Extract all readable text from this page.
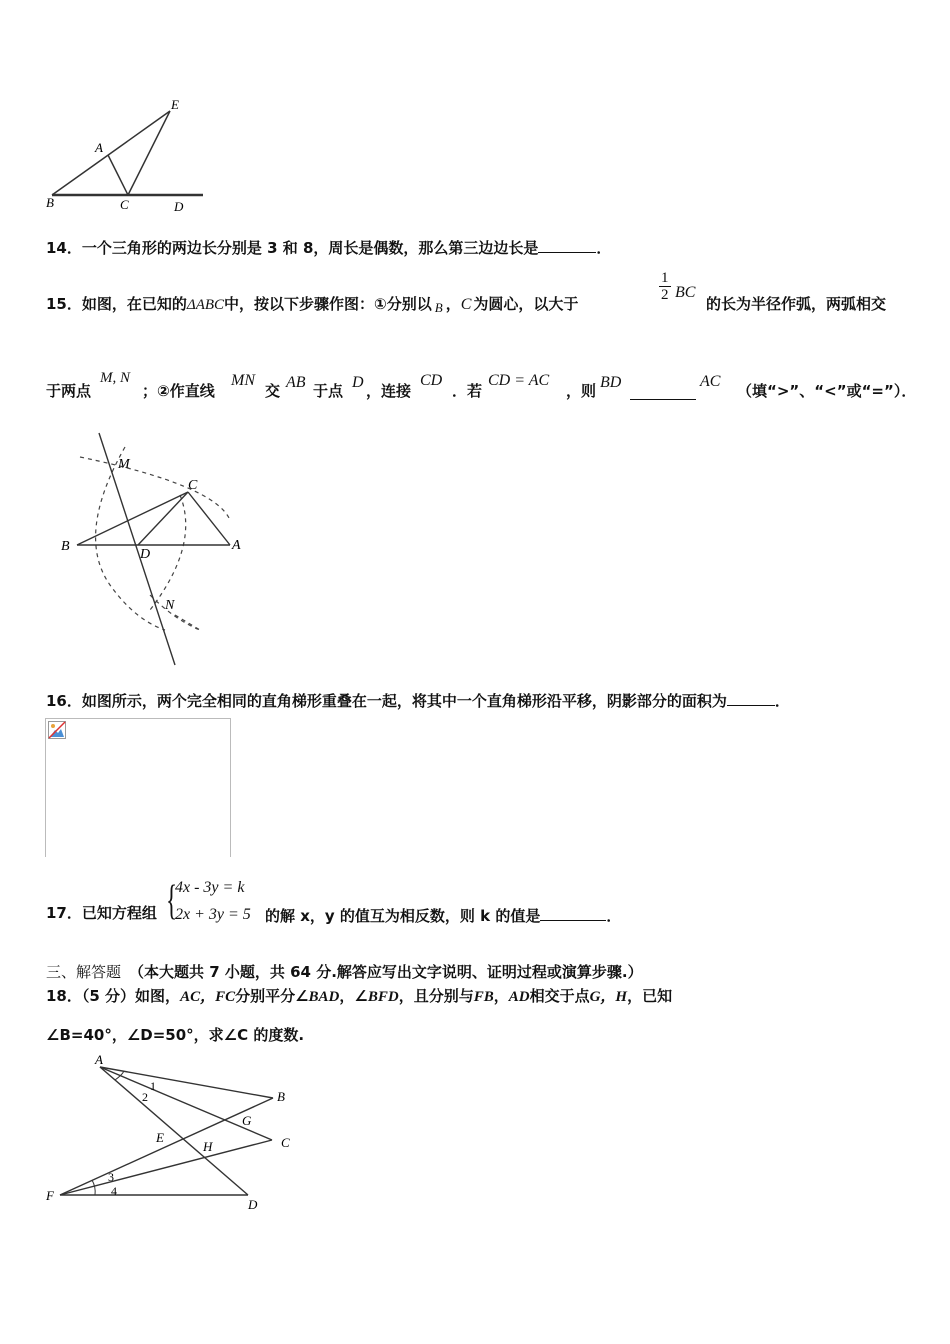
E
A
B	C	D
14．一个三角形的两边长分别是 3 和 8，周长是偶数，那么第三边边长是	．
15．如图，在已知的ΔABC中，按以下步骤作图：①分别以 B ，C 为圆心，以大于
$\frac{1}{2}$ BC
的长为半径作弧，两弧相交
于两点
M, N
；②作直线
MN
交 AB 于点 D ，连接
CD
．若
CD = AC
，则 BD	AC
（填“>”、“<”或“=”）．
M
C
B
D
A
N
16．如图所示，两个完全相同的直角梯形重叠在一起，将其中一个直角梯形沿平移，阴影部分的面积为	．
17．已知方程组 {
4x - 3y = k
2x + 3y = 5 的解 x，y 的值互为相反数，则 k 的值是	．
三、解答题 （本大题共 7 小题，共 64 分.解答应写出文字说明、证明过程或演算步骤.）
18．（5 分）如图，AC，FC分别平分∠BAD，∠BFD，且分别与FB，AD相交于点G，H，已知
∠B=40°，∠D=50°，求∠C 的度数.
A
B
G
E
H	C
F
D
1
2
3
4
